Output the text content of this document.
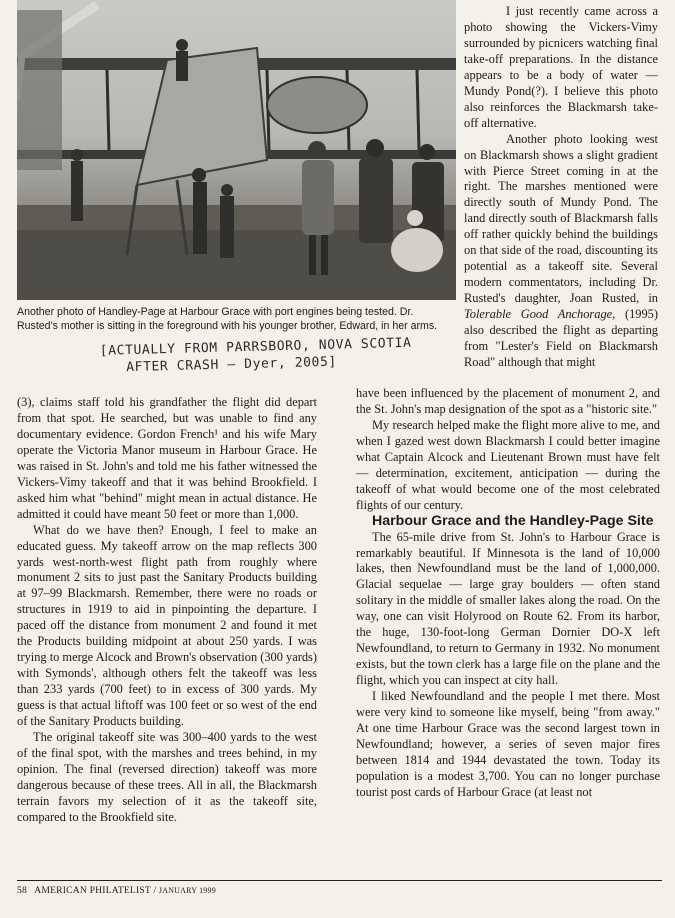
Another photo of Handley-Page at Harbour Grace with port engines being tested. Dr. Rusted's mother is sitting in the foreground with his younger brother, Edward, in her arms.

[ACTUALLY FROM PARRSBORO, NOVA SCOTIA
AFTER CRASH — Dyer, 2005]

I just recently came across a photo showing the Vickers-Vimy surrounded by picnicers watching final take-off preparations. In the distance appears to be a body of water — Mundy Pond(?). I believe this photo also reinforces the Blackmarsh take-off alternative.

Another photo looking west on Blackmarsh shows a slight gradient with Pierce Street coming in at the right. The marshes mentioned were directly south of Mundy Pond. The land directly south of Blackmarsh falls off rather quickly behind the buildings on that side of the road, discounting its potential as a takeoff site. Several modern commentators, including Dr. Rusted's daughter, Joan Rusted, in Tolerable Good Anchorage, (1995) also described the flight as departing from "Lester's Field on Blackmarsh Road" although that might

(3), claims staff told his grandfather the flight did depart from that spot. He searched, but was unable to find any documentary evidence. Gordon French¹ and his wife Mary operate the Victoria Manor museum in Harbour Grace. He was raised in St. John's and told me his father witnessed the Vickers-Vimy takeoff and that it was behind Brookfield. I asked him what "behind" might mean in actual distance. He admitted it could have meant 50 feet or more than 1,000.

What do we have then? Enough, I feel to make an educated guess. My takeoff arrow on the map reflects 300 yards west-north-west flight path from roughly where monument 2 sits to just past the Sanitary Products building at 97–99 Blackmarsh. Remember, there were no roads or structures in 1919 to aid in pinpointing the departure. I paced off the distance from monument 2 and found it met the Products building midpoint at about 250 yards. I was trying to merge Alcock and Brown's observation (300 yards) with Symonds', although others felt the takeoff was less than 233 yards (700 feet) to in excess of 300 yards. My guess is that actual liftoff was 100 feet or so west of the end of the Sanitary Products building.

The original takeoff site was 300–400 yards to the west of the final spot, with the marshes and trees behind, in my opinion. The final (reversed direction) takeoff was more dangerous because of these trees. All in all, the Blackmarsh terrain favors my selection of it as the takeoff site, compared to the Brookfield site.

have been influenced by the placement of monument 2, and the St. John's map designation of the spot as a "historic site."

My research helped make the flight more alive to me, and when I gazed west down Blackmarsh I could better imagine what Captain Alcock and Lieutenant Brown must have felt — determination, excitement, anticipation — during the takeoff of what would become one of the most celebrated flights of our century.

Harbour Grace and the Handley-Page Site

The 65-mile drive from St. John's to Harbour Grace is remarkably beautiful. If Minnesota is the land of 10,000 lakes, then Newfoundland must be the land of 1,000,000. Glacial sequelae — large gray boulders — often stand solitary in the middle of smaller lakes along the road. On the way, one can visit Holyrood on Route 62. From its harbor, the huge, 130-foot-long German Dornier DO-X left Newfoundland, to return to Germany in 1932. No monument exists, but the town clerk has a large file on the plane and the flight, which you can inspect at city hall.

I liked Newfoundland and the people I met there. Most were very kind to someone like myself, being "from away." At one time Harbour Grace was the second largest town in Newfoundland; however, a series of seven major fires between 1814 and 1944 devastated the town. Today its population is a modest 3,700. You can no longer purchase tourist post cards of Harbour Grace (at least not

58 AMERICAN PHILATELIST / JANUARY 1999
